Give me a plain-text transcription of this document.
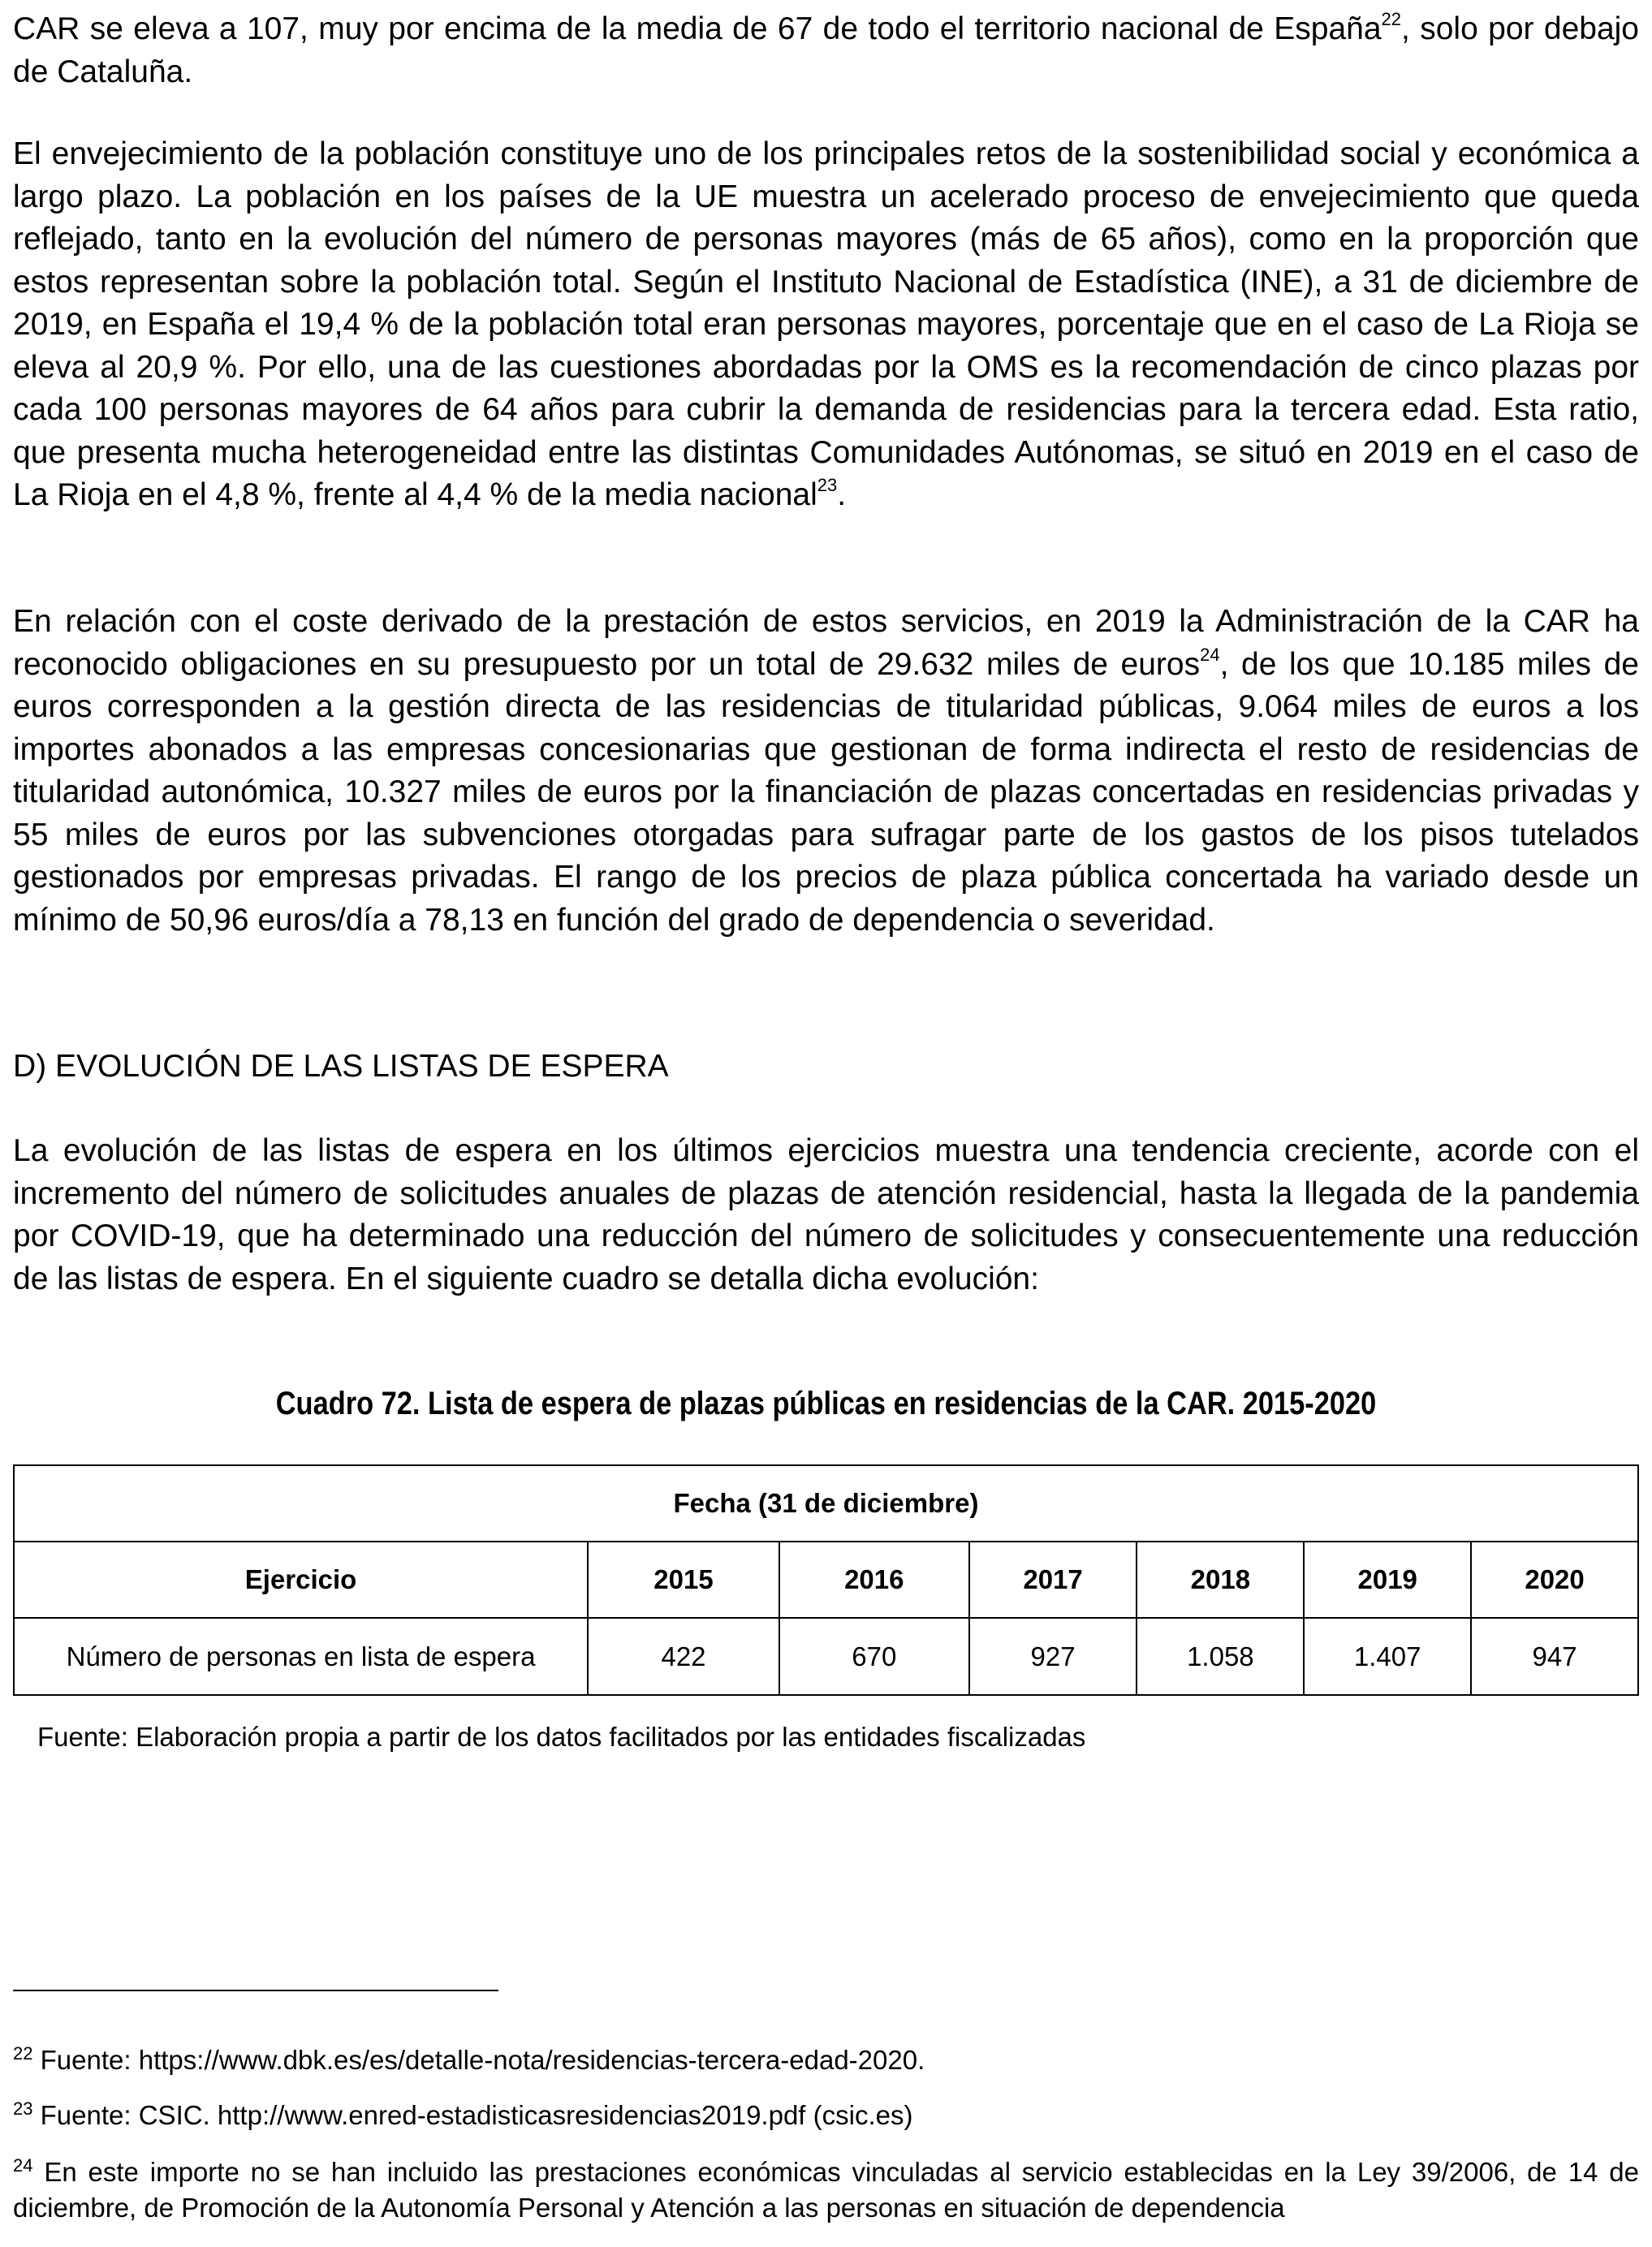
CAR se eleva a 107, muy por encima de la media de 67 de todo el territorio nacional de España$^{22}$, solo por debajo de Cataluña.

El envejecimiento de la población constituye uno de los principales retos de la sostenibilidad social y económica a largo plazo. La población en los países de la UE muestra un acelerado proceso de envejecimiento que queda reflejado, tanto en la evolución del número de personas mayores (más de 65 años), como en la proporción que estos representan sobre la población total. Según el Instituto Nacional de Estadística (INE), a 31 de diciembre de 2019, en España el 19,4 % de la población total eran personas mayores, porcentaje que en el caso de La Rioja se eleva al 20,9 %. Por ello, una de las cuestiones abordadas por la OMS es la recomendación de cinco plazas por cada 100 personas mayores de 64 años para cubrir la demanda de residencias para la tercera edad. Esta ratio, que presenta mucha heterogeneidad entre las distintas Comunidades Autónomas, se situó en 2019 en el caso de La Rioja en el 4,8 %, frente al 4,4 % de la media nacional$^{23}$.

En relación con el coste derivado de la prestación de estos servicios, en 2019 la Administración de la CAR ha reconocido obligaciones en su presupuesto por un total de 29.632 miles de euros$^{24}$, de los que 10.185 miles de euros corresponden a la gestión directa de las residencias de titularidad públicas, 9.064 miles de euros a los importes abonados a las empresas concesionarias que gestionan de forma indirecta el resto de residencias de titularidad autonómica, 10.327 miles de euros por la financiación de plazas concertadas en residencias privadas y 55 miles de euros por las subvenciones otorgadas para sufragar parte de los gastos de los pisos tutelados gestionados por empresas privadas. El rango de los precios de plaza pública concertada ha variado desde un mínimo de 50,96 euros/día a 78,13 en función del grado de dependencia o severidad.

D) EVOLUCIÓN DE LAS LISTAS DE ESPERA

La evolución de las listas de espera en los últimos ejercicios muestra una tendencia creciente, acorde con el incremento del número de solicitudes anuales de plazas de atención residencial, hasta la llegada de la pandemia por COVID-19, que ha determinado una reducción del número de solicitudes y consecuentemente una reducción de las listas de espera. En el siguiente cuadro se detalla dicha evolución:

Cuadro 72. Lista de espera de plazas públicas en residencias de la CAR. 2015-2020

Fecha (31 de diciembre)						
Ejercicio	2015	2016	2017	2018	2019	2020
Número de personas en lista de espera	422	670	927	1.058	1.407	947

Fuente: Elaboración propia a partir de los datos facilitados por las entidades fiscalizadas

$^{22}$ Fuente: https://www.dbk.es/es/detalle-nota/residencias-tercera-edad-2020.

$^{23}$ Fuente: CSIC. http://www.enred-estadisticasresidencias2019.pdf (csic.es)

$^{24}$ En este importe no se han incluido las prestaciones económicas vinculadas al servicio establecidas en la Ley 39/2006, de 14 de diciembre, de Promoción de la Autonomía Personal y Atención a las personas en situación de dependencia
